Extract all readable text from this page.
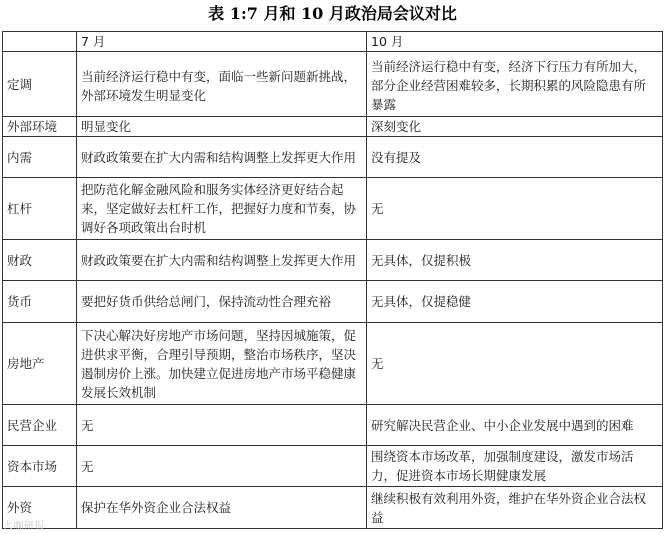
表 1:7 月和 10 月政治局会议对比
	7 月	10 月
定调	当前经济运行稳中有变，面临一些新问题新挑战，外部环境发生明显变化	当前经济运行稳中有变，经济下行压力有所加大，部分企业经营困难较多，长期积累的风险隐患有所暴露
外部环境	明显变化	深刻变化
内需	财政政策要在扩大内需和结构调整上发挥更大作用	没有提及
杠杆	把防范化解金融风险和服务实体经济更好结合起来，坚定做好去杠杆工作，把握好力度和节奏，协调好各项政策出台时机	无
财政	财政政策要在扩大内需和结构调整上发挥更大作用	无具体，仅提积极
货币	要把好货币供给总闸门，保持流动性合理充裕	无具体，仅提稳健
房地产	下决心解决好房地产市场问题，坚持因城施策，促进供求平衡，合理引导预期，整治市场秩序，坚决遏制房价上涨。加快建立促进房地产市场平稳健康发展长效机制	无
民营企业	无	研究解决民营企业、中小企业发展中遇到的困难
资本市场	无	围绕资本市场改革，加强制度建设，激发市场活力，促进资本市场长期健康发展
外资	保护在华外资企业合法权益	继续积极有效利用外资，维护在华外资企业合法权益
大咖研报
